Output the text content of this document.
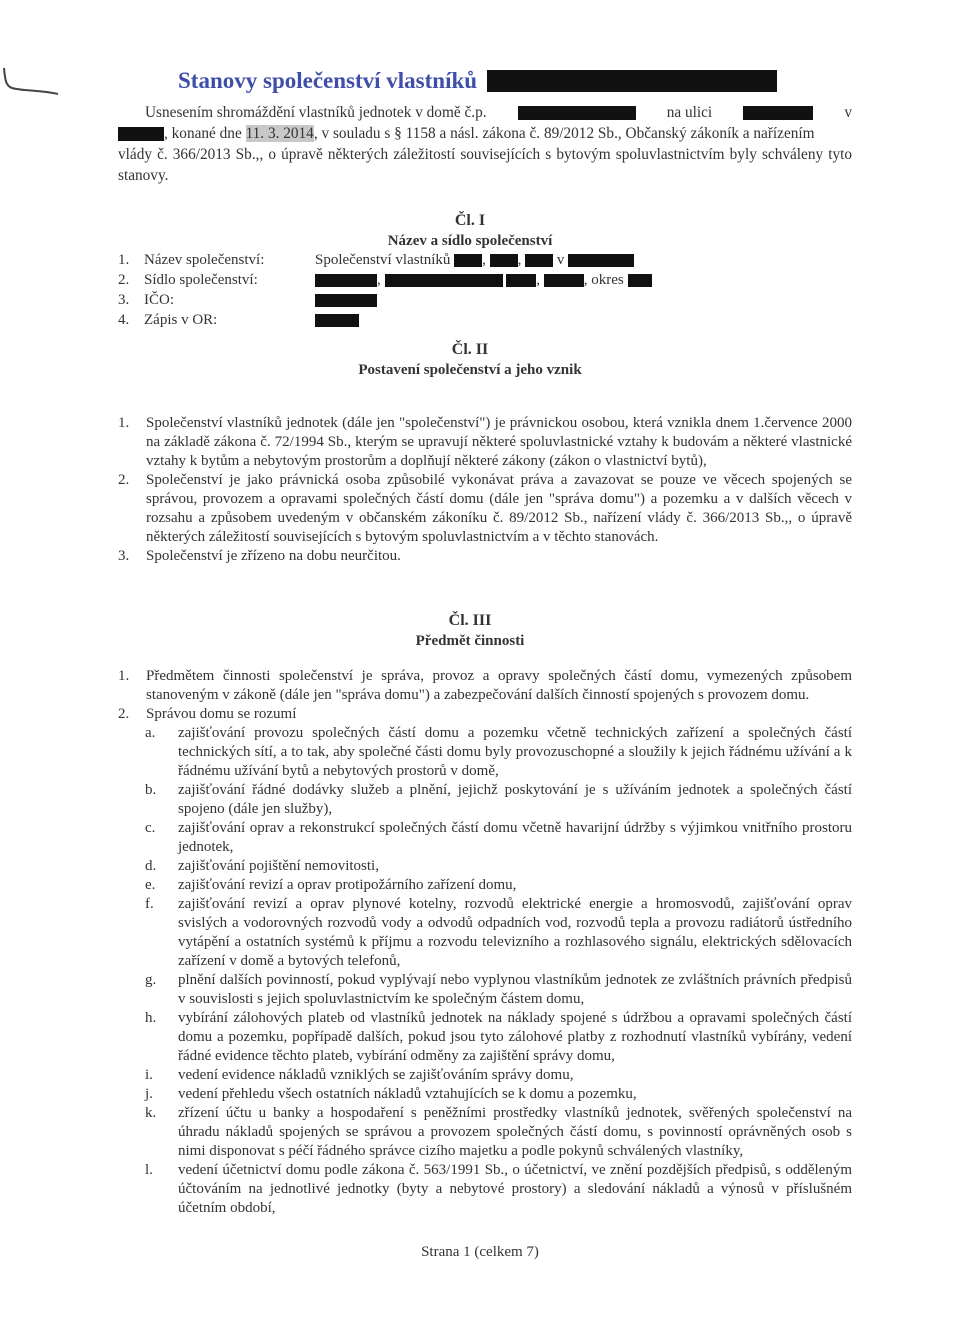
Stanovy společenství vlastníků
Usnesením shromáždění vlastníků jednotek v domě č.p.	na ulici	v
, konané dne 11. 3. 2014, v souladu s § 1158 a násl. zákona č. 89/2012 Sb., Občanský zákoník a nařízením
vlády č. 366/2013 Sb.,, o úpravě některých záležitostí souvisejících s bytovým spoluvlastnictvím byly schváleny tyto stanovy.
Čl. I
Název a sídlo společenství
1. Název společenství:	Společenství vlastníků
,
,
v

2. Sídlo společenství:	,
	,	, okres

3. IČO:
4. Zápis v OR:
Čl. II
Postavení společenství a jeho vznik
1.	Společenství vlastníků jednotek (dále jen "společenství") je právnickou osobou, která vznikla dnem 1.července 2000 na základě zákona č. 72/1994 Sb., kterým se upravují některé spoluvlastnické vztahy k budovám a některé vlastnické vztahy k bytům a nebytovým prostorům a doplňují některé zákony (zákon o vlastnictví bytů),
2.	Společenství je jako právnická osoba způsobilé vykonávat práva a zavazovat se pouze ve věcech spojených se správou, provozem a opravami společných částí domu (dále jen "správa domu") a pozemku a v dalších věcech v rozsahu a způsobem uvedeným v občanském zákoníku č. 89/2012 Sb., nařízení vlády č. 366/2013 Sb.,, o úpravě některých záležitostí souvisejících s bytovým spoluvlastnictvím a v těchto stanovách.
3.	Společenství je zřízeno na dobu neurčitou.
Čl. III
Předmět činnosti
1.	Předmětem činnosti společenství je správa, provoz a opravy společných částí domu, vymezených způsobem stanoveným v zákoně (dále jen "správa domu") a zabezpečování dalších činností spojených s provozem domu.
2.	Správou domu se rozumí
a.	zajišťování provozu společných částí domu a pozemku včetně technických zařízení a společných částí technických sítí, a to tak, aby společné části domu byly provozuschopné a sloužily k jejich řádnému užívání a k řádnému užívání bytů a nebytových prostorů v domě,
b.	zajišťování řádné dodávky služeb a plnění, jejichž poskytování je s užíváním jednotek a společných částí spojeno (dále jen služby),
c.	zajišťování oprav a rekonstrukcí společných částí domu včetně havarijní údržby s výjimkou vnitřního prostoru jednotek,
d.	zajišťování pojištění nemovitosti,
e.	zajišťování revizí a oprav protipožárního zařízení domu,
f.	zajišťování revizí a oprav plynové kotelny, rozvodů elektrické energie a hromosvodů, zajišťování oprav svislých a vodorovných rozvodů vody a odvodů odpadních vod, rozvodů tepla a provozu radiátorů ústředního vytápění a ostatních systémů k příjmu a rozvodu televizního a rozhlasového signálu, elektrických sdělovacích zařízení v domě a bytových telefonů,
g.	plnění dalších povinností, pokud vyplývají nebo vyplynou vlastníkům jednotek ze zvláštních právních předpisů v souvislosti s jejich spoluvlastnictvím ke společným částem domu,
h.	vybírání zálohových plateb od vlastníků jednotek na náklady spojené s údržbou a opravami společných částí domu a pozemku, popřípadě dalších, pokud jsou tyto zálohové platby z rozhodnutí vlastníků vybírány, vedení řádné evidence těchto plateb, vybírání odměny za zajištění správy domu,
i.	vedení evidence nákladů vzniklých se zajišťováním správy domu,
j.	vedení přehledu všech ostatních nákladů vztahujících se k domu a pozemku,
k.	zřízení účtu u banky a hospodaření s peněžními prostředky vlastníků jednotek, svěřených společenství na úhradu nákladů spojených se správou a provozem společných částí domu, s povinností oprávněných osob s nimi disponovat s péčí řádného správce cizího majetku a podle pokynů schválených vlastníky,
l.	vedení účetnictví domu podle zákona č. 563/1991 Sb., o účetnictví, ve znění pozdějších předpisů, s odděleným účtováním na jednotlivé jednotky (byty a nebytové prostory) a sledování nákladů a výnosů v příslušném účetním období,
Strana 1 (celkem 7)
